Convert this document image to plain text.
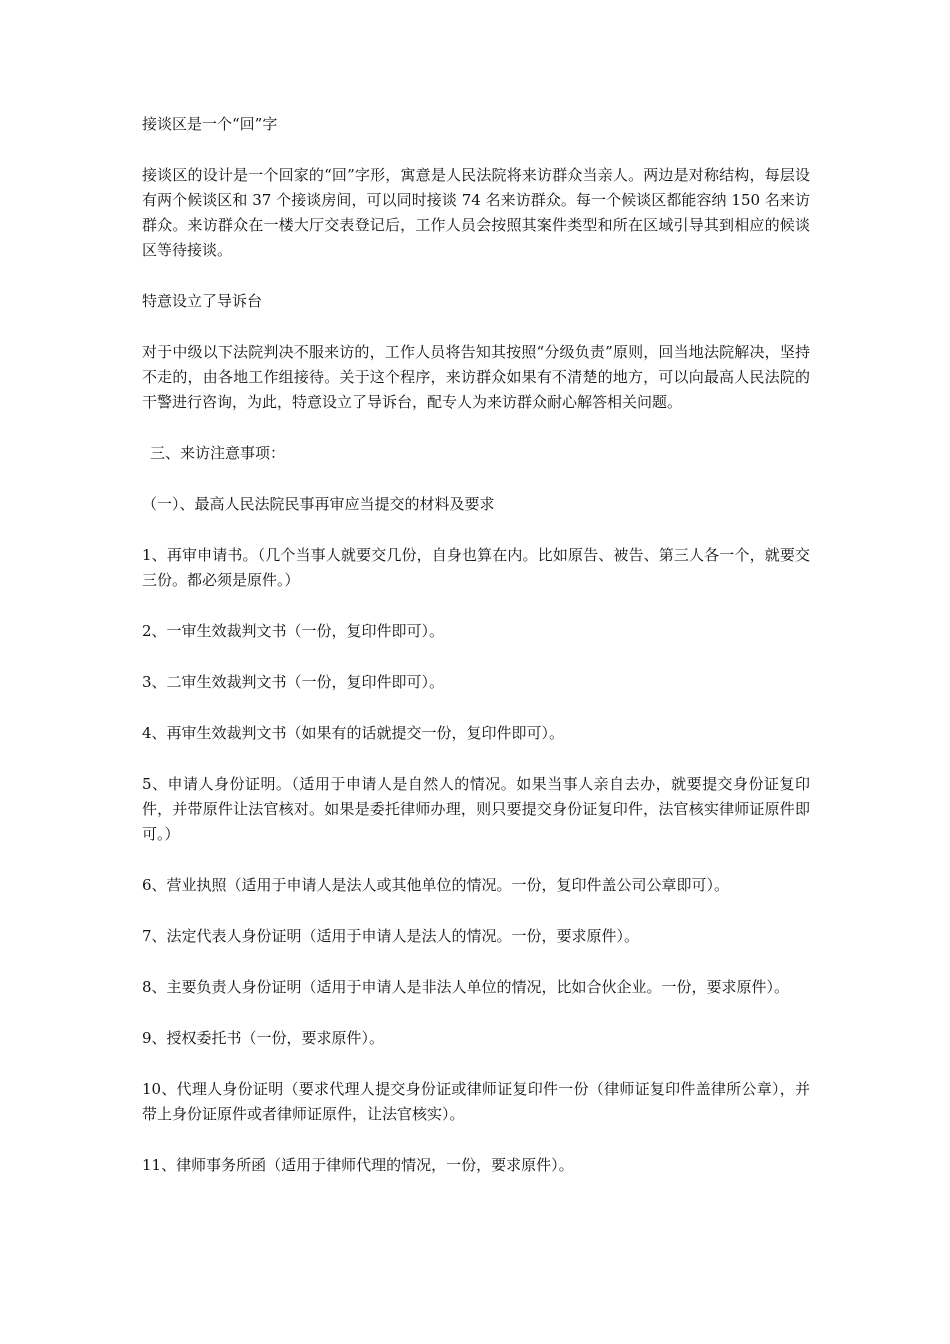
接谈区是一个“回”字

接谈区的设计是一个回家的“回”字形，寓意是人民法院将来访群众当亲人。两边是对称结构，每层设有两个候谈区和 37 个接谈房间，可以同时接谈 74 名来访群众。每一个候谈区都能容纳 150 名来访群众。来访群众在一楼大厅交表登记后，工作人员会按照其案件类型和所在区域引导其到相应的候谈区等待接谈。

特意设立了导诉台

对于中级以下法院判决不服来访的，工作人员将告知其按照“分级负责”原则，回当地法院解决，坚持不走的，由各地工作组接待。关于这个程序，来访群众如果有不清楚的地方，可以向最高人民法院的干警进行咨询，为此，特意设立了导诉台，配专人为来访群众耐心解答相关问题。

三、来访注意事项：

（一）、最高人民法院民事再审应当提交的材料及要求

1、再审申请书。（几个当事人就要交几份，自身也算在内。比如原告、被告、第三人各一个，就要交三份。都必须是原件。）

2、一审生效裁判文书（一份，复印件即可）。

3、二审生效裁判文书（一份，复印件即可）。

4、再审生效裁判文书（如果有的话就提交一份，复印件即可）。

5、申请人身份证明。（适用于申请人是自然人的情况。如果当事人亲自去办，就要提交身份证复印件，并带原件让法官核对。如果是委托律师办理，则只要提交身份证复印件，法官核实律师证原件即可。）

6、营业执照（适用于申请人是法人或其他单位的情况。一份，复印件盖公司公章即可）。

7、法定代表人身份证明（适用于申请人是法人的情况。一份，要求原件）。

8、主要负责人身份证明（适用于申请人是非法人单位的情况，比如合伙企业。一份，要求原件）。

9、授权委托书（一份，要求原件）。

10、代理人身份证明（要求代理人提交身份证或律师证复印件一份（律师证复印件盖律所公章），并带上身份证原件或者律师证原件，让法官核实）。

11、律师事务所函（适用于律师代理的情况，一份，要求原件）。
